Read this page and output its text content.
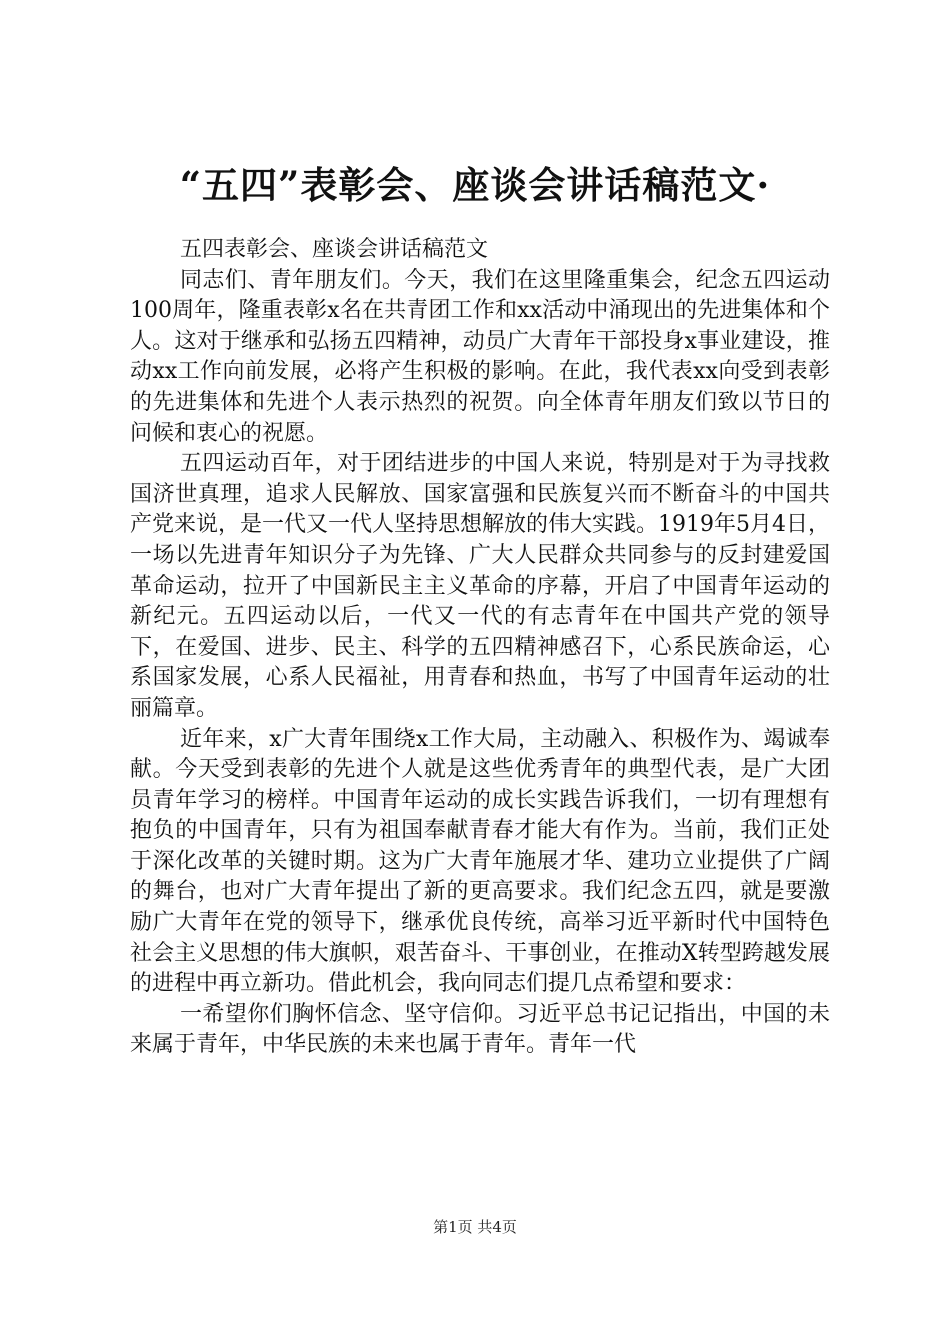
“五四”表彰会、座谈会讲话稿范文·

五四表彰会、座谈会讲话稿范文

同志们、青年朋友们。今天，我们在这里隆重集会，纪念五四运动100周年，隆重表彰x名在共青团工作和xx活动中涌现出的先进集体和个人。这对于继承和弘扬五四精神，动员广大青年干部投身x事业建设，推动xx工作向前发展，必将产生积极的影响。在此，我代表xx向受到表彰的先进集体和先进个人表示热烈的祝贺。向全体青年朋友们致以节日的问候和衷心的祝愿。

五四运动百年，对于团结进步的中国人来说，特别是对于为寻找救国济世真理，追求人民解放、国家富强和民族复兴而不断奋斗的中国共产党来说，是一代又一代人坚持思想解放的伟大实践。1919年5月4日，一场以先进青年知识分子为先锋、广大人民群众共同参与的反封建爱国革命运动，拉开了中国新民主主义革命的序幕，开启了中国青年运动的新纪元。五四运动以后，一代又一代的有志青年在中国共产党的领导下，在爱国、进步、民主、科学的五四精神感召下，心系民族命运，心系国家发展，心系人民福祉，用青春和热血，书写了中国青年运动的壮丽篇章。

近年来，x广大青年围绕x工作大局，主动融入、积极作为、竭诚奉献。今天受到表彰的先进个人就是这些优秀青年的典型代表，是广大团员青年学习的榜样。中国青年运动的成长实践告诉我们，一切有理想有抱负的中国青年，只有为祖国奉献青春才能大有作为。当前，我们正处于深化改革的关键时期。这为广大青年施展才华、建功立业提供了广阔的舞台，也对广大青年提出了新的更高要求。我们纪念五四，就是要激励广大青年在党的领导下，继承优良传统，高举习近平新时代中国特色社会主义思想的伟大旗帜，艰苦奋斗、干事创业，在推动X转型跨越发展的进程中再立新功。借此机会，我向同志们提几点希望和要求：

一希望你们胸怀信念、坚守信仰。习近平总书记记指出，中国的未来属于青年，中华民族的未来也属于青年。青年一代

第1页 共4页
